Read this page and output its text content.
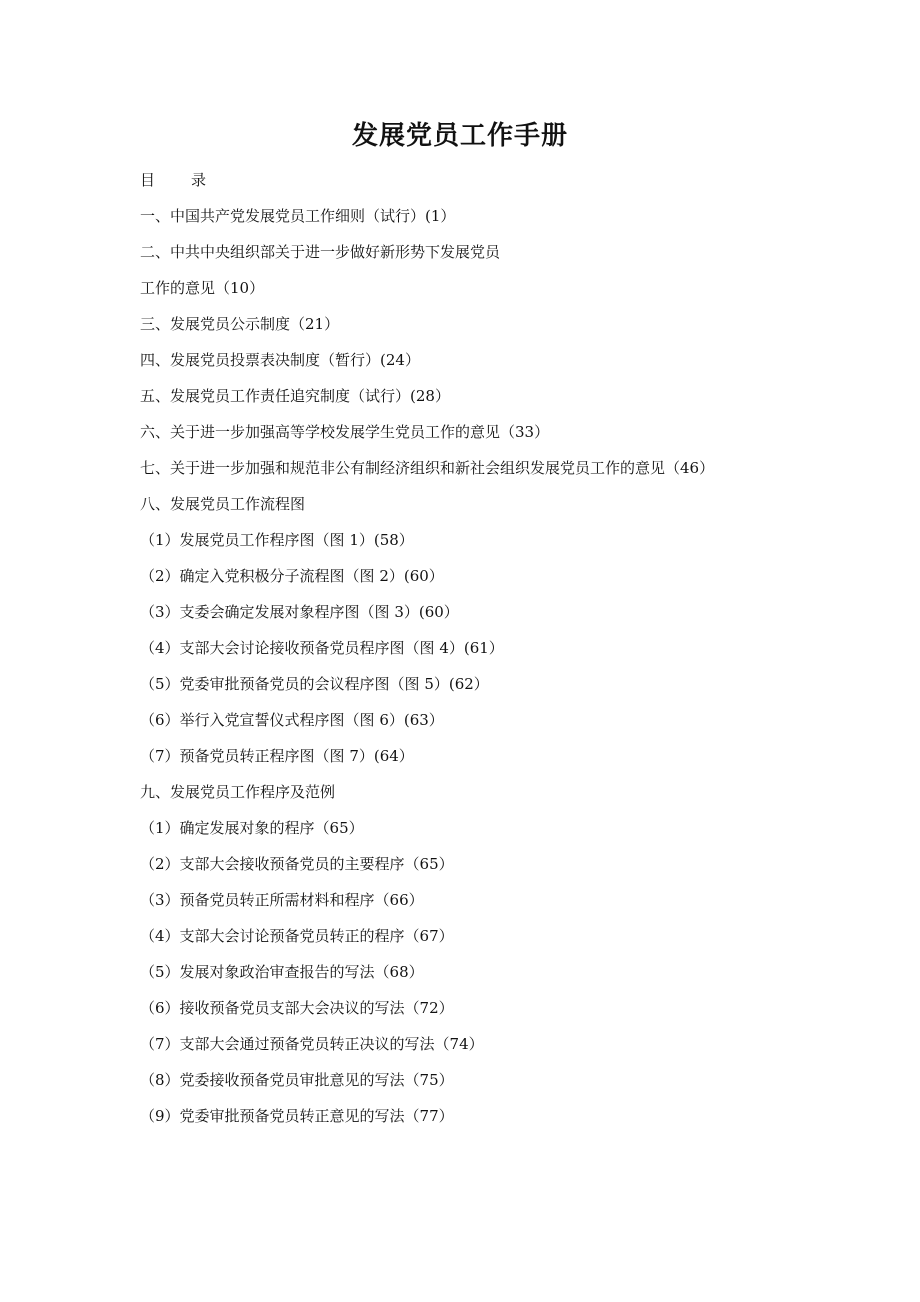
发展党员工作手册
目 录
一、中国共产党发展党员工作细则（试行）(1）
二、中共中央组织部关于进一步做好新形势下发展党员
工作的意见（10）
三、发展党员公示制度（21）
四、发展党员投票表决制度（暂行）(24）
五、发展党员工作责任追究制度（试行）(28）
六、关于进一步加强高等学校发展学生党员工作的意见（33）
七、关于进一步加强和规范非公有制经济组织和新社会组织发展党员工作的意见（46）
八、发展党员工作流程图
（1）发展党员工作程序图（图 1）(58）
（2）确定入党积极分子流程图（图 2）(60）
（3）支委会确定发展对象程序图（图 3）(60）
（4）支部大会讨论接收预备党员程序图（图 4）(61）
（5）党委审批预备党员的会议程序图（图 5）(62）
（6）举行入党宣誓仪式程序图（图 6）(63）
（7）预备党员转正程序图（图 7）(64）
九、发展党员工作程序及范例
（1）确定发展对象的程序（65）
（2）支部大会接收预备党员的主要程序（65）
（3）预备党员转正所需材料和程序（66）
（4）支部大会讨论预备党员转正的程序（67）
（5）发展对象政治审查报告的写法（68）
（6）接收预备党员支部大会决议的写法（72）
（7）支部大会通过预备党员转正决议的写法（74）
（8）党委接收预备党员审批意见的写法（75）
（9）党委审批预备党员转正意见的写法（77）
